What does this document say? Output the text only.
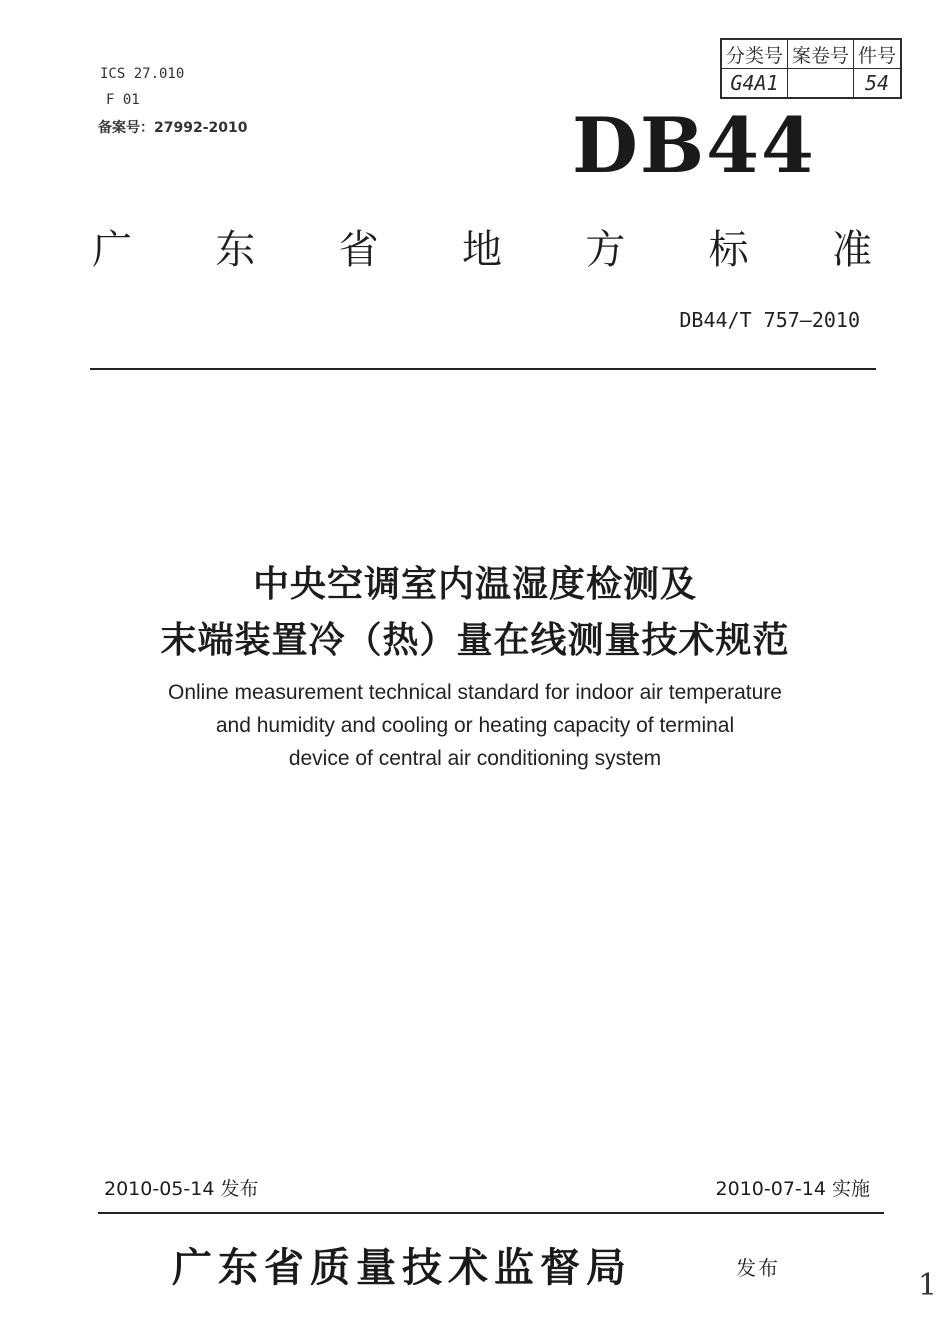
ICS 27.010
F 01
备案号：27992-2010
分类号	案卷号	件号
G4A1		54
DB44
广 东 省 地 方 标 准
DB44/T 757—2010
中央空调室内温湿度检测及
末端装置冷（热）量在线测量技术规范
Online measurement technical standard for indoor air temperature
and humidity and cooling or heating capacity of terminal
device of central air conditioning system
2010-05-14 发布	2010-07-14 实施
广东省质量技术监督局	发布	1
